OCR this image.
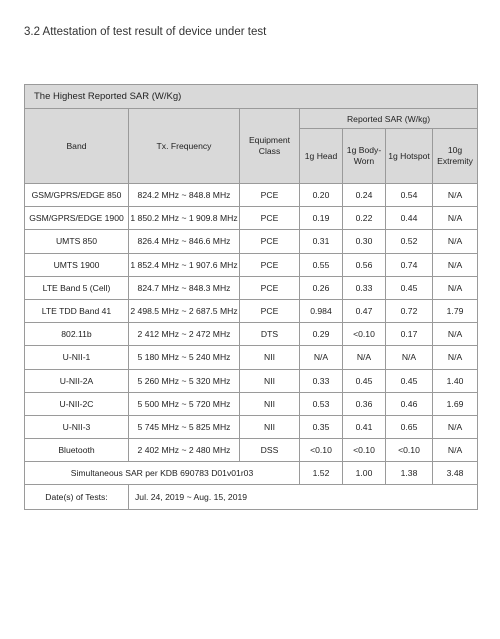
3.2 Attestation of test result of device under test
The Highest Reported SAR (W/Kg)						
Band	Tx. Frequency	Equipment Class	Reported SAR (W/kg)			
			1g Head	1g Body-Worn	1g Hotspot	10g Extremity
GSM/GPRS/EDGE 850	824.2 MHz ~ 848.8 MHz	PCE	0.20	0.24	0.54	N/A
GSM/GPRS/EDGE 1900	1 850.2 MHz ~ 1 909.8 MHz	PCE	0.19	0.22	0.44	N/A
UMTS 850	826.4 MHz ~ 846.6 MHz	PCE	0.31	0.30	0.52	N/A
UMTS 1900	1 852.4 MHz ~ 1 907.6 MHz	PCE	0.55	0.56	0.74	N/A
LTE Band 5 (Cell)	824.7 MHz ~ 848.3 MHz	PCE	0.26	0.33	0.45	N/A
LTE TDD Band 41	2 498.5 MHz ~ 2 687.5 MHz	PCE	0.984	0.47	0.72	1.79
802.11b	2 412 MHz ~ 2 472 MHz	DTS	0.29	<0.10	0.17	N/A
U-NII-1	5 180 MHz ~ 5 240 MHz	NII	N/A	N/A	N/A	N/A
U-NII-2A	5 260 MHz ~ 5 320 MHz	NII	0.33	0.45	0.45	1.40
U-NII-2C	5 500 MHz ~ 5 720 MHz	NII	0.53	0.36	0.46	1.69
U-NII-3	5 745 MHz ~ 5 825 MHz	NII	0.35	0.41	0.65	N/A
Bluetooth	2 402 MHz ~ 2 480 MHz	DSS	<0.10	<0.10	<0.10	N/A
Simultaneous SAR per KDB 690783 D01v01r03			1.52	1.00	1.38	3.48
Date(s) of Tests:	Jul. 24, 2019 ~ Aug. 15, 2019					
